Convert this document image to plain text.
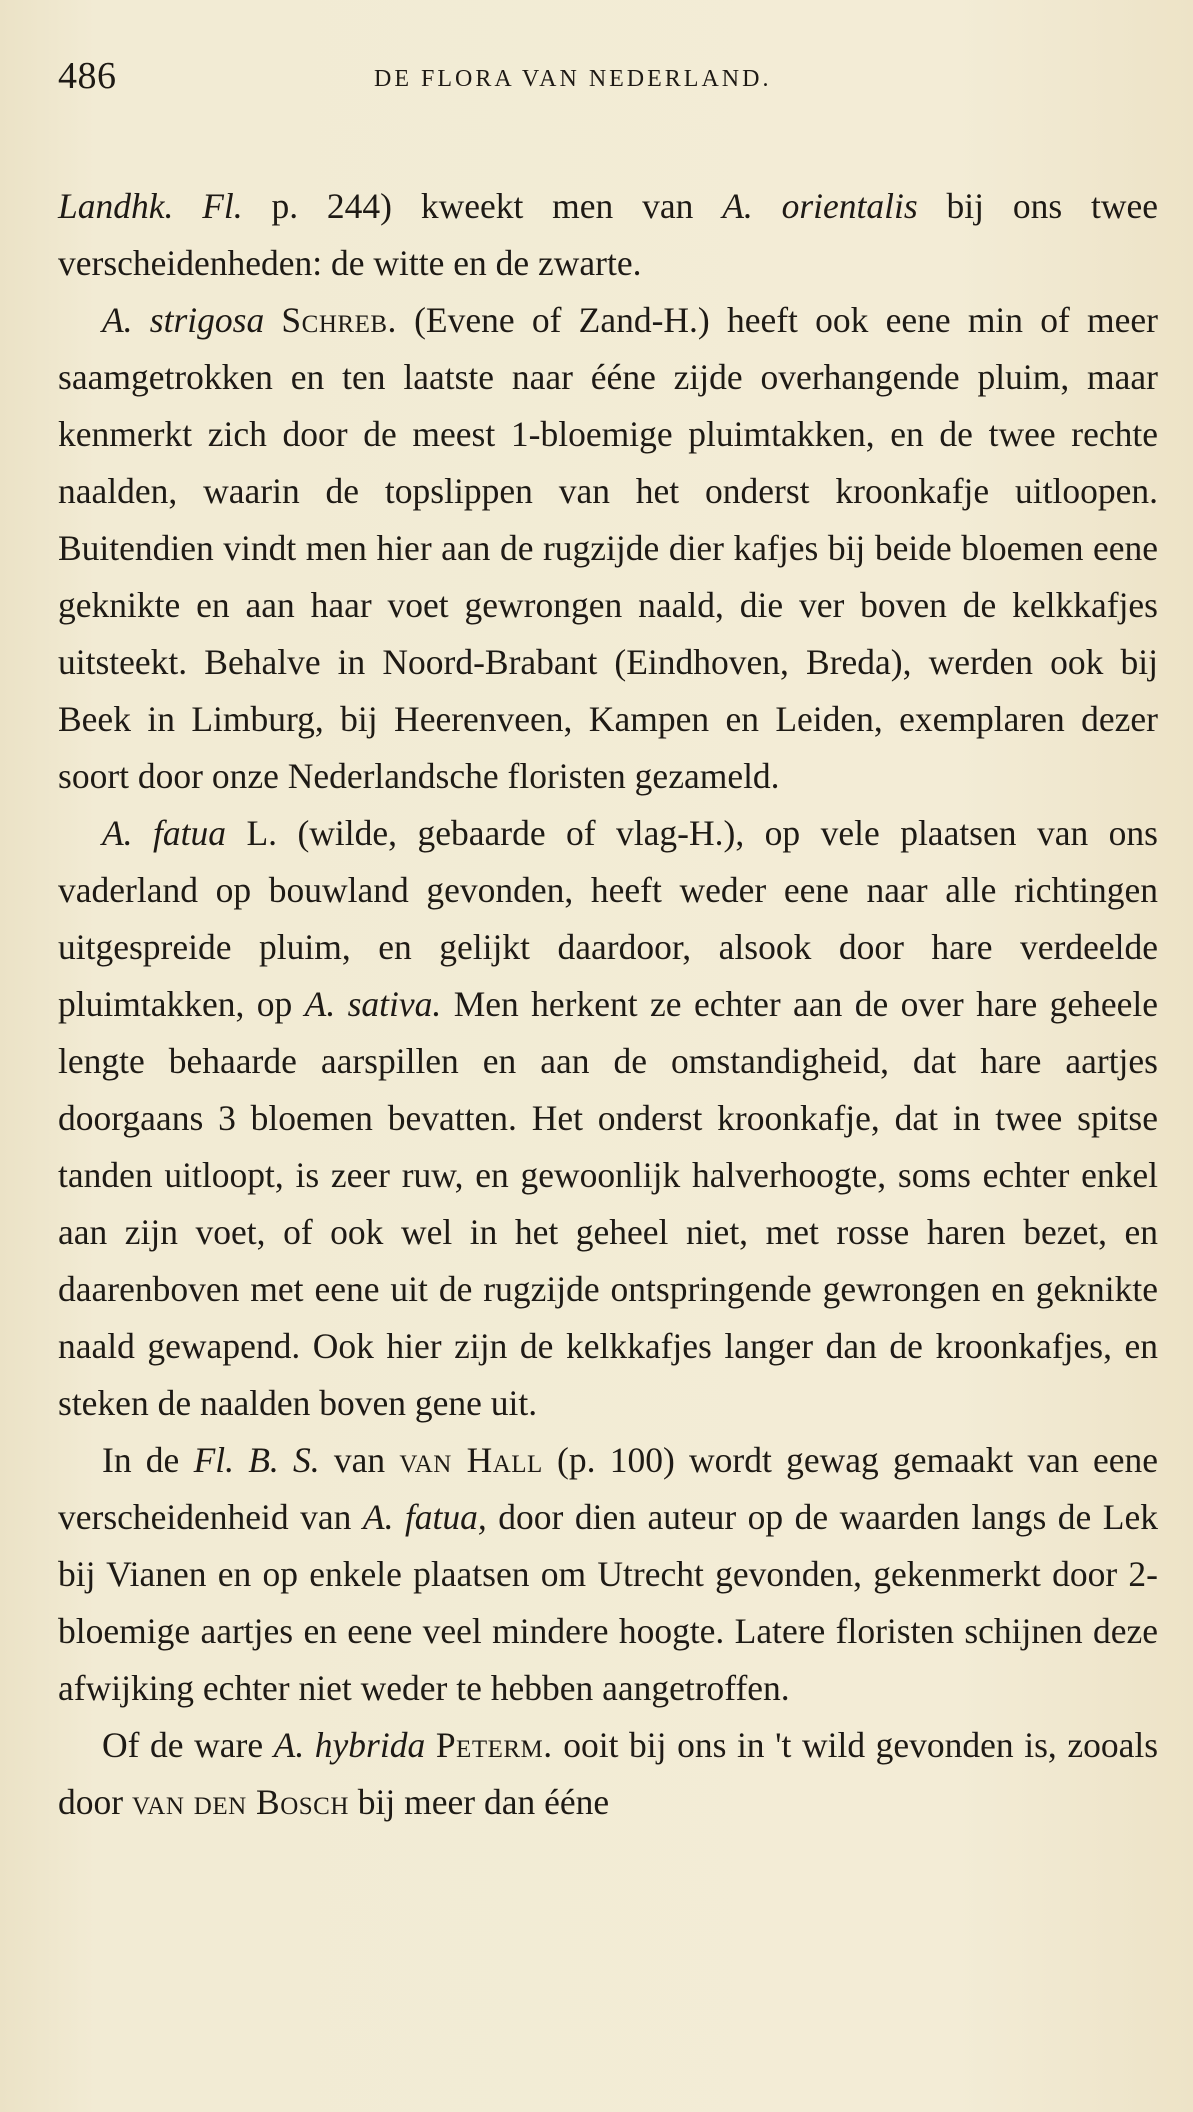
486	DE FLORA VAN NEDERLAND.

Landhk. Fl. p. 244) kweekt men van A. orientalis bij ons twee verscheidenheden: de witte en de zwarte.

A. strigosa Schreb. (Evene of Zand-H.) heeft ook eene min of meer saamgetrokken en ten laatste naar ééne zijde overhangende pluim, maar kenmerkt zich door de meest 1-bloemige pluimtakken, en de twee rechte naalden, waarin de topslippen van het onderst kroonkafje uitloopen. Buitendien vindt men hier aan de rugzijde dier kafjes bij beide bloemen eene geknikte en aan haar voet gewrongen naald, die ver boven de kelkkafjes uitsteekt. Behalve in Noord-Brabant (Eindhoven, Breda), werden ook bij Beek in Limburg, bij Heerenveen, Kampen en Leiden, exemplaren dezer soort door onze Nederlandsche floristen gezameld.

A. fatua L. (wilde, gebaarde of vlag-H.), op vele plaatsen van ons vaderland op bouwland gevonden, heeft weder eene naar alle richtingen uitgespreide pluim, en gelijkt daardoor, alsook door hare verdeelde pluimtakken, op A. sativa. Men herkent ze echter aan de over hare geheele lengte behaarde aarspillen en aan de omstandigheid, dat hare aartjes doorgaans 3 bloemen bevatten. Het onderst kroonkafje, dat in twee spitse tanden uitloopt, is zeer ruw, en gewoonlijk halverhoogte, soms echter enkel aan zijn voet, of ook wel in het geheel niet, met rosse haren bezet, en daarenboven met eene uit de rugzijde ontspringende gewrongen en geknikte naald gewapend. Ook hier zijn de kelkkafjes langer dan de kroonkafjes, en steken de naalden boven gene uit.

In de Fl. B. S. van van Hall (p. 100) wordt gewag gemaakt van eene verscheidenheid van A. fatua, door dien auteur op de waarden langs de Lek bij Vianen en op enkele plaatsen om Utrecht gevonden, gekenmerkt door 2-bloemige aartjes en eene veel mindere hoogte. Latere floristen schijnen deze afwijking echter niet weder te hebben aangetroffen.

Of de ware A. hybrida Peterm. ooit bij ons in 't wild gevonden is, zooals door van den Bosch bij meer dan ééne
